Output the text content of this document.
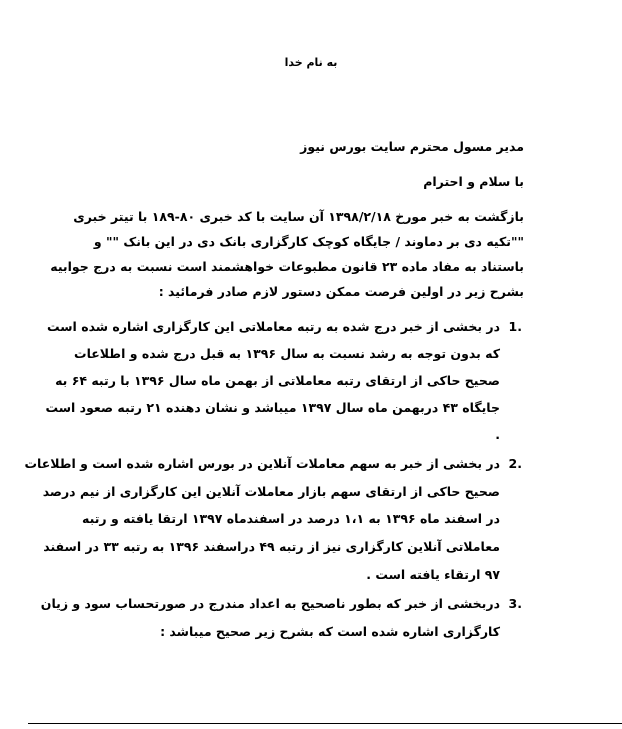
به نام خدا
مدیر مسول محترم سایت بورس نیوز
با سلام و احترام
بازگشت به خبر مورخ ۱۳۹۸/۲/۱۸ آن سایت با کد خبری ۸۰-۱۸۹ با تیتر خبری
""تکیه دی بر دماوند / جایگاه کوچک کارگزاری بانک دی در این بانک "" و
باستناد به مفاد ماده ۲۳ قانون مطبوعات خواهشمند است نسبت به درج جوابیه
بشرح زیر در اولین فرصت ممکن دستور لازم صادر فرمائید :
1.
در بخشی از خبر درج شده به رتبه معاملاتی این کارگزاری اشاره شده است
که بدون توجه به رشد نسبت به سال ۱۳۹۶ به قبل درج شده و اطلاعات
صحیح حاکی از ارتقای رتبه معاملاتی از بهمن ماه سال ۱۳۹۶ با رتبه ۶۴ به
جایگاه ۴۳ دربهمن ماه سال ۱۳۹۷ میباشد و نشان دهنده ۲۱ رتبه صعود است
.
2.
در بخشی از خبر به سهم معاملات آنلاین در بورس اشاره شده است و اطلاعات
صحیح حاکی از ارتقای سهم بازار معاملات آنلاین این کارگزاری از نیم درصد
در اسفند ماه ۱۳۹۶ به ۱،۱ درصد در اسفندماه ۱۳۹۷ ارتقا یافته و رتبه
معاملاتی آنلاین کارگزاری نیز از رتبه ۴۹ دراسفند ۱۳۹۶ به رتبه ۳۳ در اسفند
۹۷ ارتقاء یافته است .
3.
دربخشی از خبر که بطور ناصحیح به اعداد مندرج در صورتحساب سود و زیان
کارگزاری اشاره شده است که بشرح زیر صحیح میباشد :
